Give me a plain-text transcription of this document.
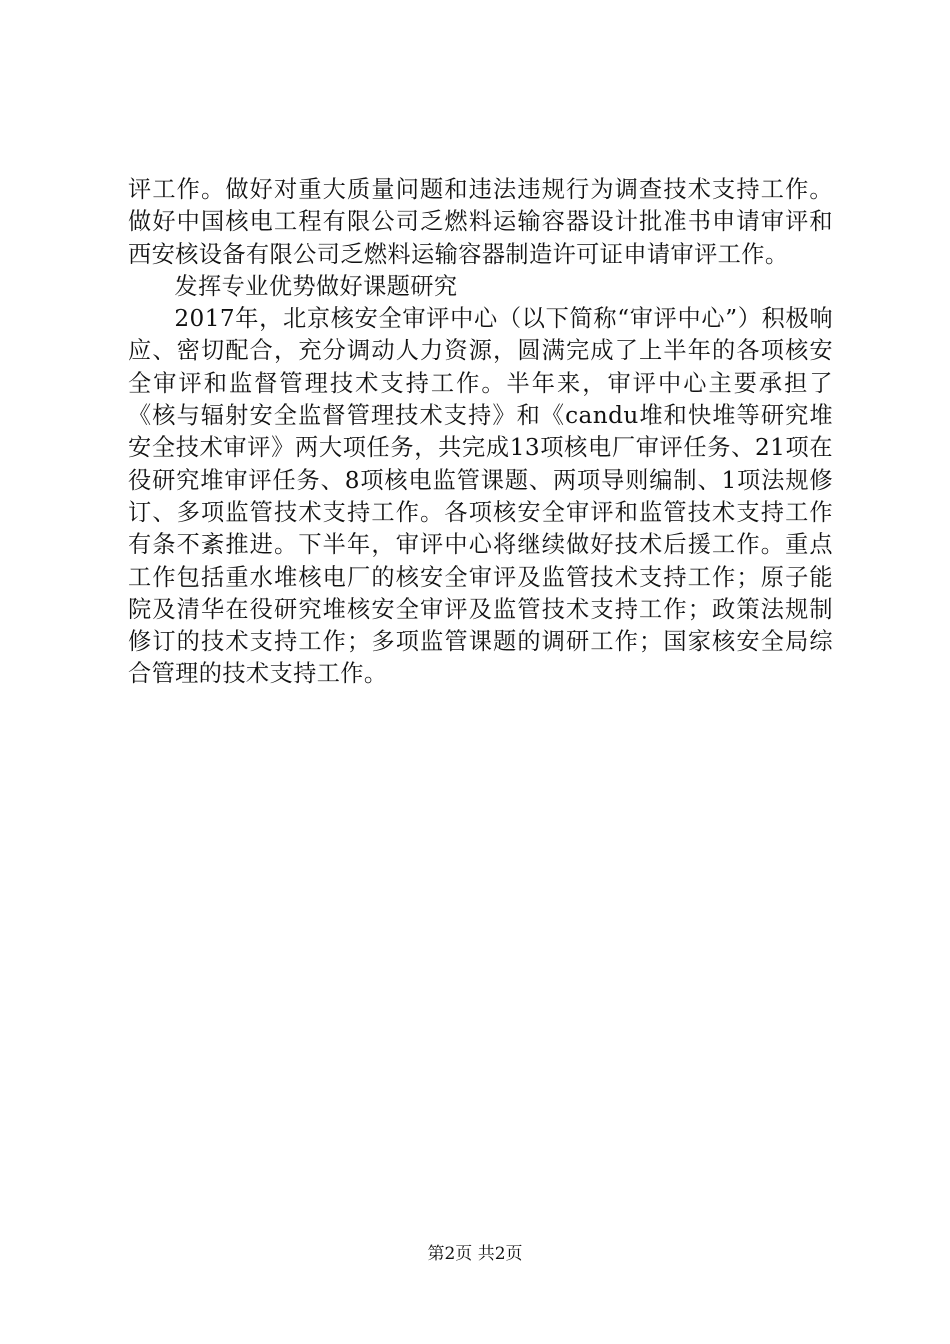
评工作。做好对重大质量问题和违法违规行为调查技术支持工作。做好中国核电工程有限公司乏燃料运输容器设计批准书申请审评和西安核设备有限公司乏燃料运输容器制造许可证申请审评工作。

发挥专业优势做好课题研究

2017年，北京核安全审评中心（以下简称“审评中心”）积极响应、密切配合，充分调动人力资源，圆满完成了上半年的各项核安全审评和监督管理技术支持工作。半年来，审评中心主要承担了《核与辐射安全监督管理技术支持》和《candu堆和快堆等研究堆安全技术审评》两大项任务，共完成13项核电厂审评任务、21项在役研究堆审评任务、8项核电监管课题、两项导则编制、1项法规修订、多项监管技术支持工作。各项核安全审评和监管技术支持工作有条不紊推进。下半年，审评中心将继续做好技术后援工作。重点工作包括重水堆核电厂的核安全审评及监管技术支持工作；原子能院及清华在役研究堆核安全审评及监管技术支持工作；政策法规制修订的技术支持工作；多项监管课题的调研工作；国家核安全局综合管理的技术支持工作。

第2页 共2页
